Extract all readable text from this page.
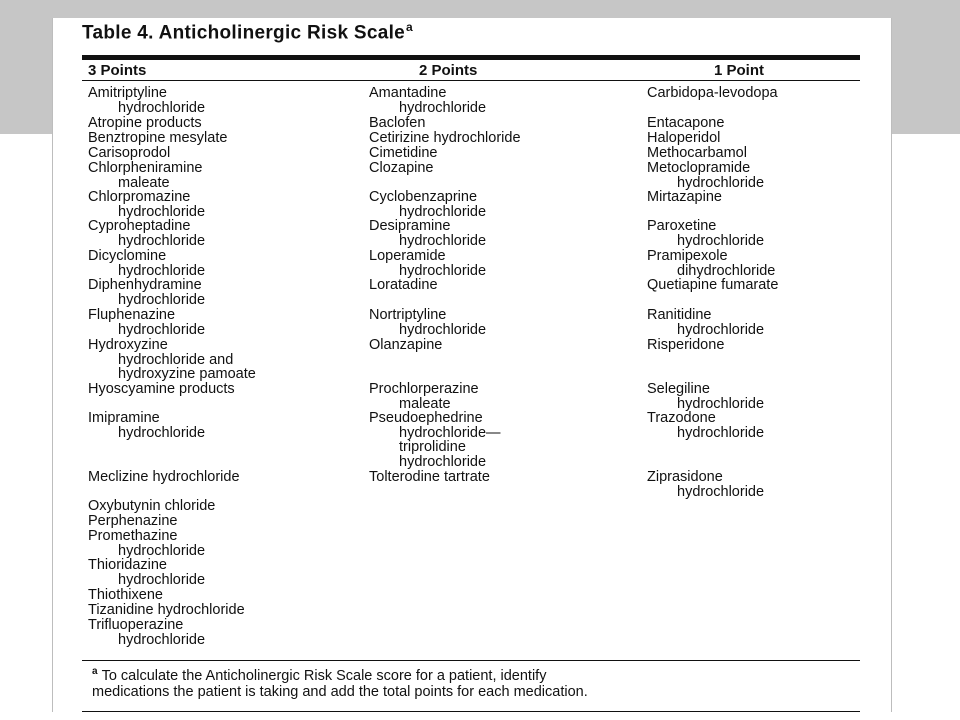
Table 4. Anticholinergic Risk Scale$^a$
3 Points	2 Points	1 Point
Amitriptyline
hydrochloride
Atropine products
Benztropine mesylate
Carisoprodol
Chlorpheniramine
maleate
Chlorpromazine
hydrochloride
Cyproheptadine
hydrochloride
Dicyclomine
hydrochloride
Diphenhydramine
hydrochloride
Fluphenazine
hydrochloride
Hydroxyzine
hydrochloride and
hydroxyzine pamoate
Hyoscyamine products
Imipramine
hydrochloride
Meclizine hydrochloride
Oxybutynin chloride
Perphenazine
Promethazine
hydrochloride
Thioridazine
hydrochloride
Thiothixene
Tizanidine hydrochloride
Trifluoperazine
hydrochloride
Amantadine
hydrochloride
Baclofen
Cetirizine hydrochloride
Cimetidine
Clozapine
Cyclobenzaprine
hydrochloride
Desipramine
hydrochloride
Loperamide
hydrochloride
Loratadine
Nortriptyline
hydrochloride
Olanzapine
Prochlorperazine
maleate
Pseudoephedrine
hydrochloride—
triprolidine
hydrochloride
Tolterodine tartrate
Carbidopa-levodopa
Entacapone
Haloperidol
Methocarbamol
Metoclopramide
hydrochloride
Mirtazapine
Paroxetine
hydrochloride
Pramipexole
dihydrochloride
Quetiapine fumarate
Ranitidine
hydrochloride
Risperidone
Selegiline
hydrochloride
Trazodone
hydrochloride
Ziprasidone
hydrochloride
$^a$ To calculate the Anticholinergic Risk Scale score for a patient, identify
medications the patient is taking and add the total points for each medication.
